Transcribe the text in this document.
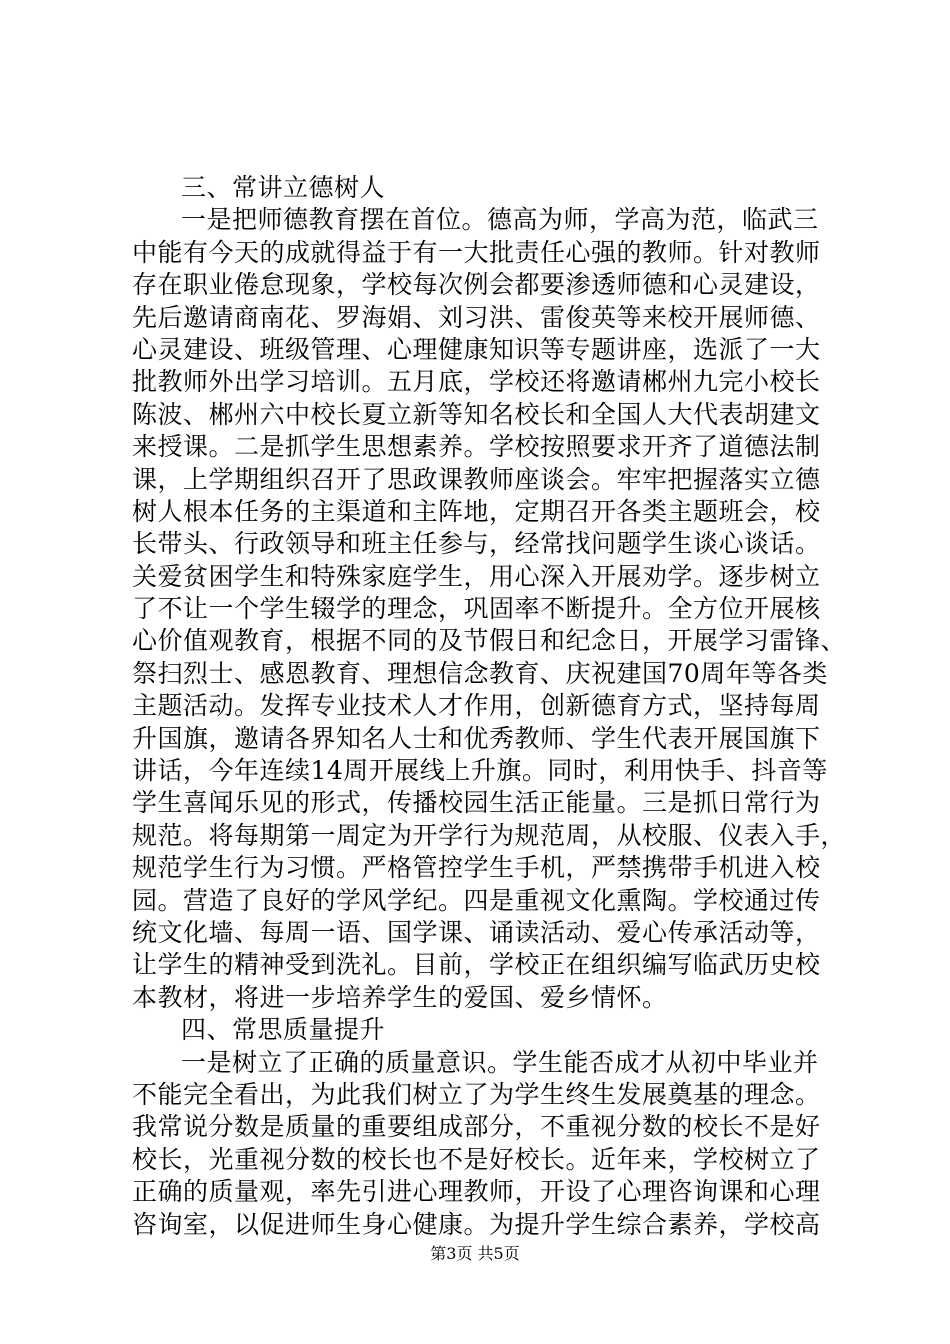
三、常讲立德树人
一是把师德教育摆在首位。德高为师，学高为范，临武三
中能有今天的成就得益于有一大批责任心强的教师。针对教师
存在职业倦怠现象，学校每次例会都要渗透师德和心灵建设，
先后邀请商南花、罗海娟、刘习洪、雷俊英等来校开展师德、
心灵建设、班级管理、心理健康知识等专题讲座，选派了一大
批教师外出学习培训。五月底，学校还将邀请郴州九完小校长
陈波、郴州六中校长夏立新等知名校长和全国人大代表胡建文
来授课。二是抓学生思想素养。学校按照要求开齐了道德法制
课，上学期组织召开了思政课教师座谈会。牢牢把握落实立德
树人根本任务的主渠道和主阵地，定期召开各类主题班会，校
长带头、行政领导和班主任参与，经常找问题学生谈心谈话。
关爱贫困学生和特殊家庭学生，用心深入开展劝学。逐步树立
了不让一个学生辍学的理念，巩固率不断提升。全方位开展核
心价值观教育，根据不同的及节假日和纪念日，开展学习雷锋、
祭扫烈士、感恩教育、理想信念教育、庆祝建国70周年等各类
主题活动。发挥专业技术人才作用，创新德育方式，坚持每周
升国旗，邀请各界知名人士和优秀教师、学生代表开展国旗下
讲话，今年连续14周开展线上升旗。同时，利用快手、抖音等
学生喜闻乐见的形式，传播校园生活正能量。三是抓日常行为
规范。将每期第一周定为开学行为规范周，从校服、仪表入手，
规范学生行为习惯。严格管控学生手机，严禁携带手机进入校
园。营造了良好的学风学纪。四是重视文化熏陶。学校通过传
统文化墙、每周一语、国学课、诵读活动、爱心传承活动等，
让学生的精神受到洗礼。目前，学校正在组织编写临武历史校
本教材，将进一步培养学生的爱国、爱乡情怀。
四、常思质量提升
一是树立了正确的质量意识。学生能否成才从初中毕业并
不能完全看出，为此我们树立了为学生终生发展奠基的理念。
我常说分数是质量的重要组成部分，不重视分数的校长不是好
校长，光重视分数的校长也不是好校长。近年来，学校树立了
正确的质量观，率先引进心理教师，开设了心理咨询课和心理
咨询室，以促进师生身心健康。为提升学生综合素养，学校高
第3页 共5页
